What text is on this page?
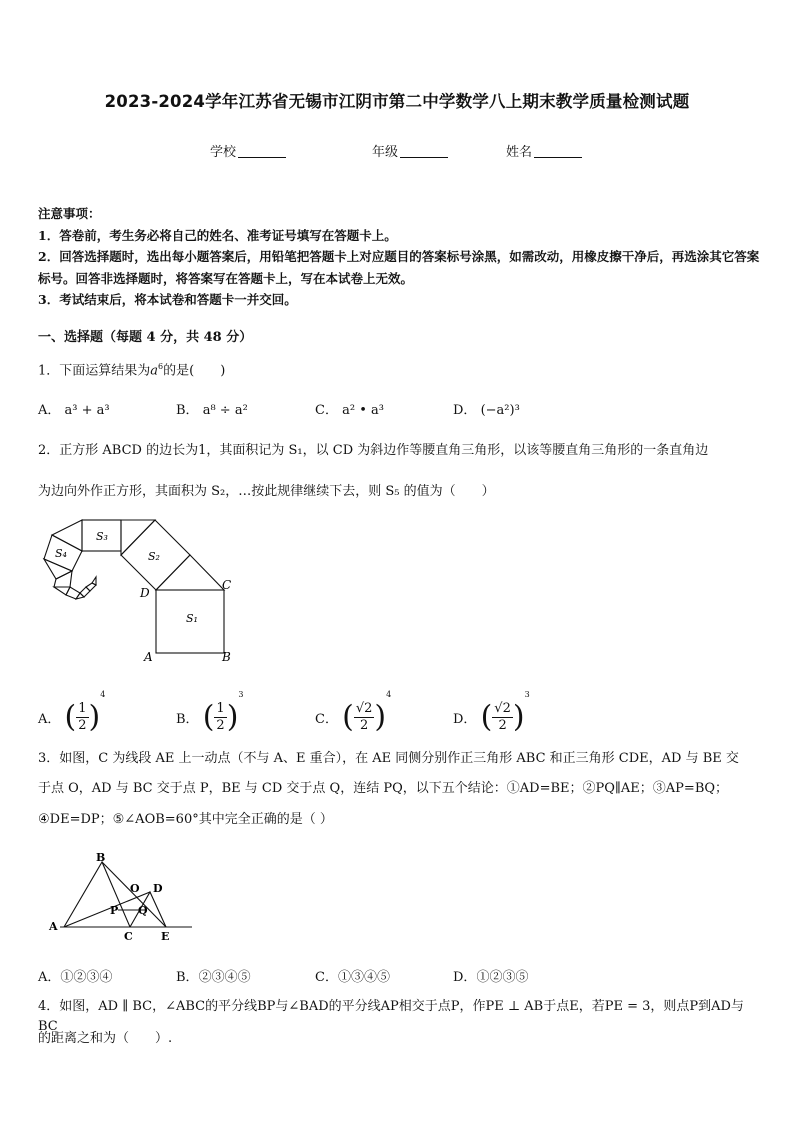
2023-2024学年江苏省无锡市江阴市第二中学数学八上期末教学质量检测试题
学校	年级	姓名

注意事项：

1．答卷前，考生务必将自己的姓名、准考证号填写在答题卡上。

2．回答选择题时，选出每小题答案后，用铅笔把答题卡上对应题目的答案标号涂黑，如需改动，用橡皮擦干净后，再选涂其它答案标号。回答非选择题时，将答案写在答题卡上，写在本试卷上无效。

3．考试结束后，将本试卷和答题卡一并交回。

一、选择题（每题 4 分，共 48 分）
1．下面运算结果为$a^6$的是(　　)
A． a³ + a³	B． a⁸ ÷ a²	C． a² • a³	D． (−a²)³
2．正方形 ABCD 的边长为1，其面积记为 S₁，以 CD 为斜边作等腰直角三角形，以该等腰直角三角形的一条直角边
为边向外作正方形，其面积为 S₂，…按此规律继续下去，则 S₅ 的值为（　　）
S₁
S₂
S₃
S₄
A	B
C
D
A． ( $\frac{1}{2} )^4$
B． ( $\frac{1}{2} )^3$
C． ( $\frac{√2}{2} )^4$
D． ( $\frac{√2}{2} )^3$
3．如图，C 为线段 AE 上一动点（不与 A、E 重合），在 AE 同侧分别作正三角形 ABC 和正三角形 CDE，AD 与 BE 交
于点 O，AD 与 BC 交于点 P，BE 与 CD 交于点 Q，连结 PQ，以下五个结论：①AD=BE；②PQ∥AE；③AP=BQ；
④DE=DP；⑤∠AOB=60°其中完全正确的是（ ）
B
A
C
D
E
O
P Q
A．①②③④	B．②③④⑤	C．①③④⑤	D．①②③⑤
4．如图，AD ∥ BC，∠ABC的平分线BP与∠BAD的平分线AP相交于点P，作PE ⊥ AB于点E，若PE = 3，则点P到AD与BC
的距离之和为（　　）.
